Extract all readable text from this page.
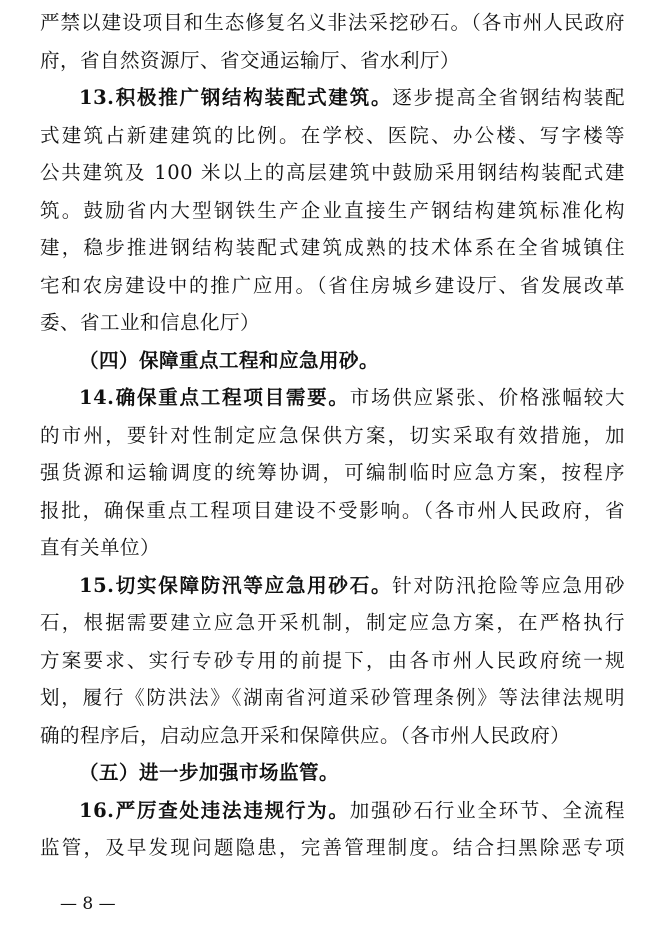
严禁以建设项目和生态修复名义非法采挖砂石。（各市州人民政府
府，省自然资源厅、省交通运输厅、省水利厅）
13.积极推广钢结构装配式建筑。逐步提高全省钢结构装配
式建筑占新建建筑的比例。在学校、医院、办公楼、写字楼等
公共建筑及 100 米以上的高层建筑中鼓励采用钢结构装配式建
筑。鼓励省内大型钢铁生产企业直接生产钢结构建筑标准化构
建，稳步推进钢结构装配式建筑成熟的技术体系在全省城镇住
宅和农房建设中的推广应用。（省住房城乡建设厅、省发展改革
委、省工业和信息化厅）
（四）保障重点工程和应急用砂。
14.确保重点工程项目需要。市场供应紧张、价格涨幅较大
的市州，要针对性制定应急保供方案，切实采取有效措施，加
强货源和运输调度的统筹协调，可编制临时应急方案，按程序
报批，确保重点工程项目建设不受影响。（各市州人民政府，省
直有关单位）
15.切实保障防汛等应急用砂石。针对防汛抢险等应急用砂
石，根据需要建立应急开采机制，制定应急方案，在严格执行
方案要求、实行专砂专用的前提下，由各市州人民政府统一规
划，履行《防洪法》《湖南省河道采砂管理条例》等法律法规明
确的程序后，启动应急开采和保障供应。（各市州人民政府）
（五）进一步加强市场监管。
16.严厉查处违法违规行为。加强砂石行业全环节、全流程
监管，及早发现问题隐患，完善管理制度。结合扫黑除恶专项
— 8 —
